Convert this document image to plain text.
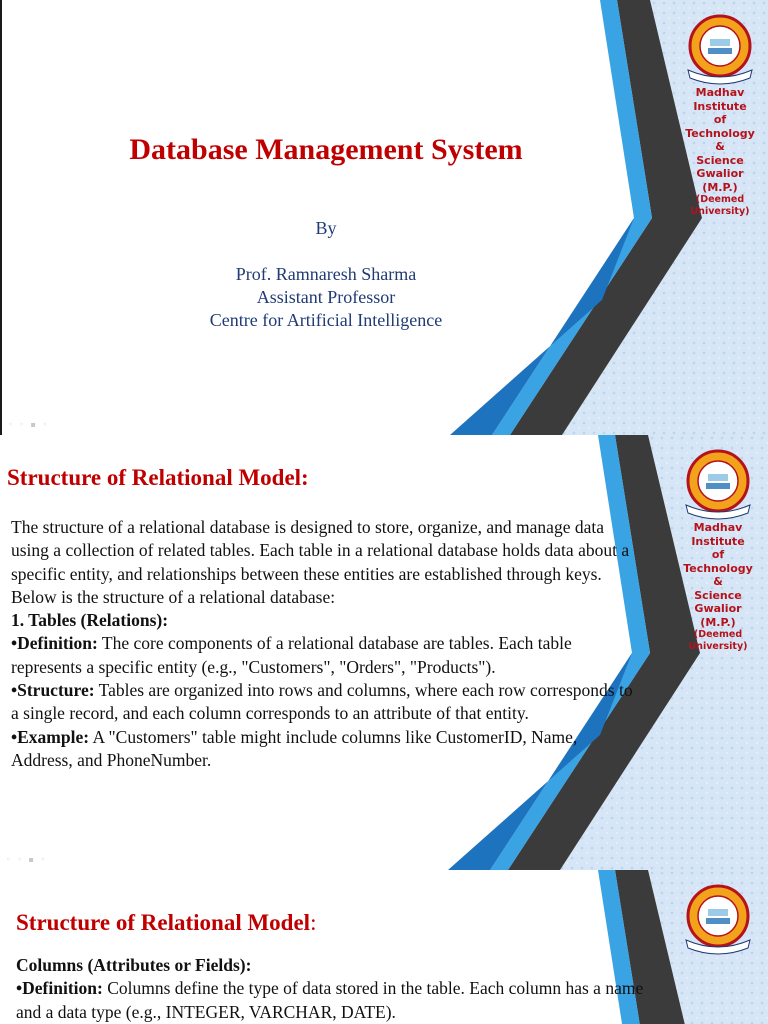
◦ ◦ ▪ ◦
Madhav
Institute
of
Technology
&
Science
Gwalior (M.P.)
(Deemed
University)
Database Management System
By
Prof. Ramnaresh Sharma
Assistant Professor
Centre for Artificial Intelligence
◦ ◦ ▪ ◦
Madhav
Institute
of
Technology
&
Science
Gwalior (M.P.)
(Deemed
University)
Structure of Relational Model:

The structure of a relational database is designed to store, organize, and manage data using a collection of related tables. Each table in a relational database holds data about a specific entity, and relationships between these entities are established through keys. Below is the structure of a relational database:

1. Tables (Relations):

•Definition: The core components of a relational database are tables. Each table represents a specific entity (e.g., "Customers", "Orders", "Products").

•Structure: Tables are organized into rows and columns, where each row corresponds to a single record, and each column corresponds to an attribute of that entity.

•Example: A "Customers" table might include columns like CustomerID, Name, Address, and PhoneNumber.

Structure of Relational Model:

Columns (Attributes or Fields):

•Definition: Columns define the type of data stored in the table. Each column has a name and a data type (e.g., INTEGER, VARCHAR, DATE).
